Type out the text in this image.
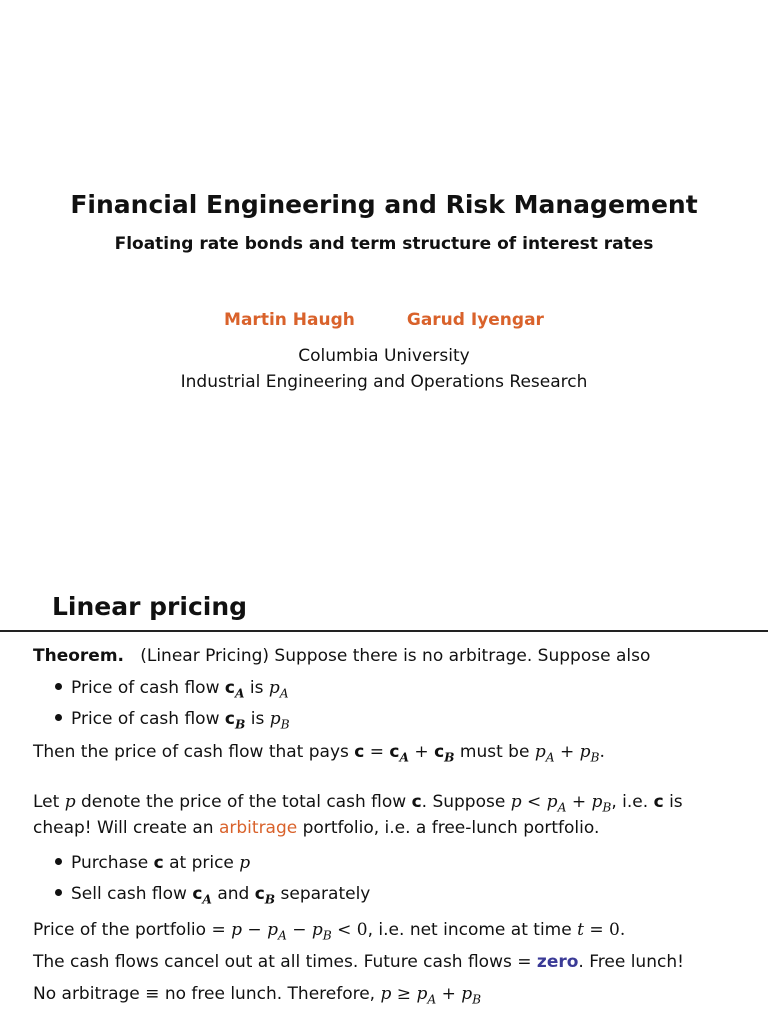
Financial Engineering and Risk Management
Floating rate bonds and term structure of interest rates
Martin Haugh	Garud Iyengar
Columbia University
Industrial Engineering and Operations Research
Linear pricing
Theorem. (Linear Pricing) Suppose there is no arbitrage. Suppose also
Price of cash flow $c_A$ is $p_A$
Price of cash flow $c_B$ is $p_B$
Then the price of cash flow that pays $c = c_A + c_B$ must be $p_A + p_B$.
Let p denote the price of the total cash flow c. Suppose $p < p_A + p_B$, i.e. c is
cheap! Will create an arbitrage portfolio, i.e. a free-lunch portfolio.
Purchase c at price p
Sell cash flow $c_A$ and $c_B$ separately
Price of the portfolio = $p - p_A - p_B < 0$, i.e. net income at time t = 0.
The cash flows cancel out at all times. Future cash flows = zero. Free lunch!
No arbitrage ≡ no free lunch. Therefore, $p \ge p_A + p_B$
